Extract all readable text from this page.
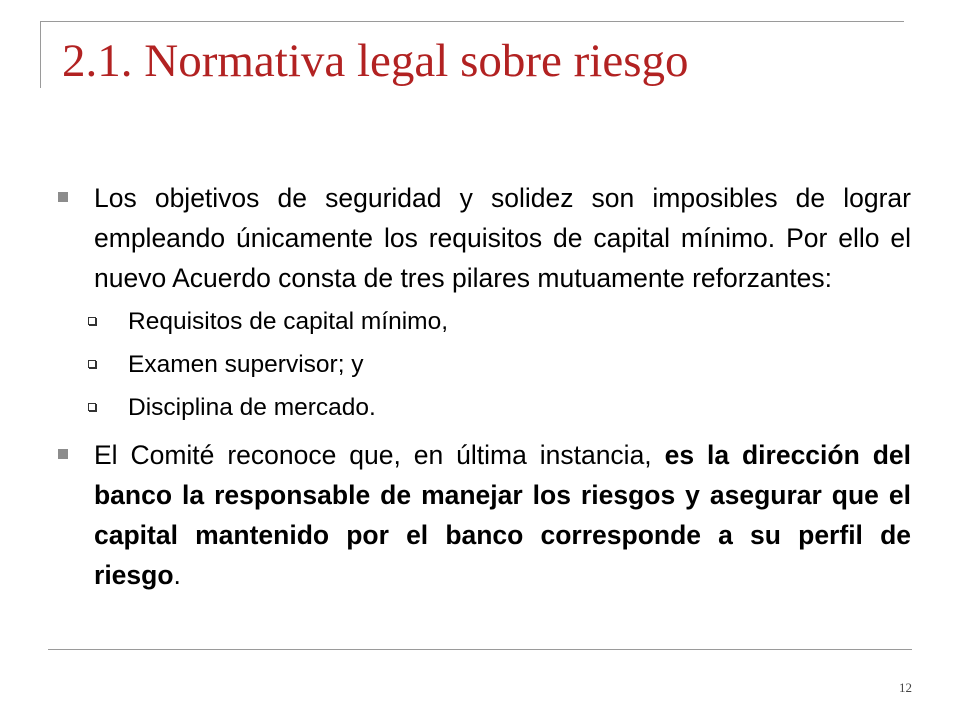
2.1. Normativa legal sobre riesgo

Los objetivos de seguridad y solidez son imposibles de lograr empleando únicamente los requisitos de capital mínimo. Por ello el nuevo Acuerdo consta de tres pilares mutuamente reforzantes:

Requisitos de capital mínimo,

Examen supervisor; y

Disciplina de mercado.

El Comité reconoce que, en última instancia, es la dirección del banco la responsable de manejar los riesgos y asegurar que el capital mantenido por el banco corresponde a su perfil de riesgo.

12
